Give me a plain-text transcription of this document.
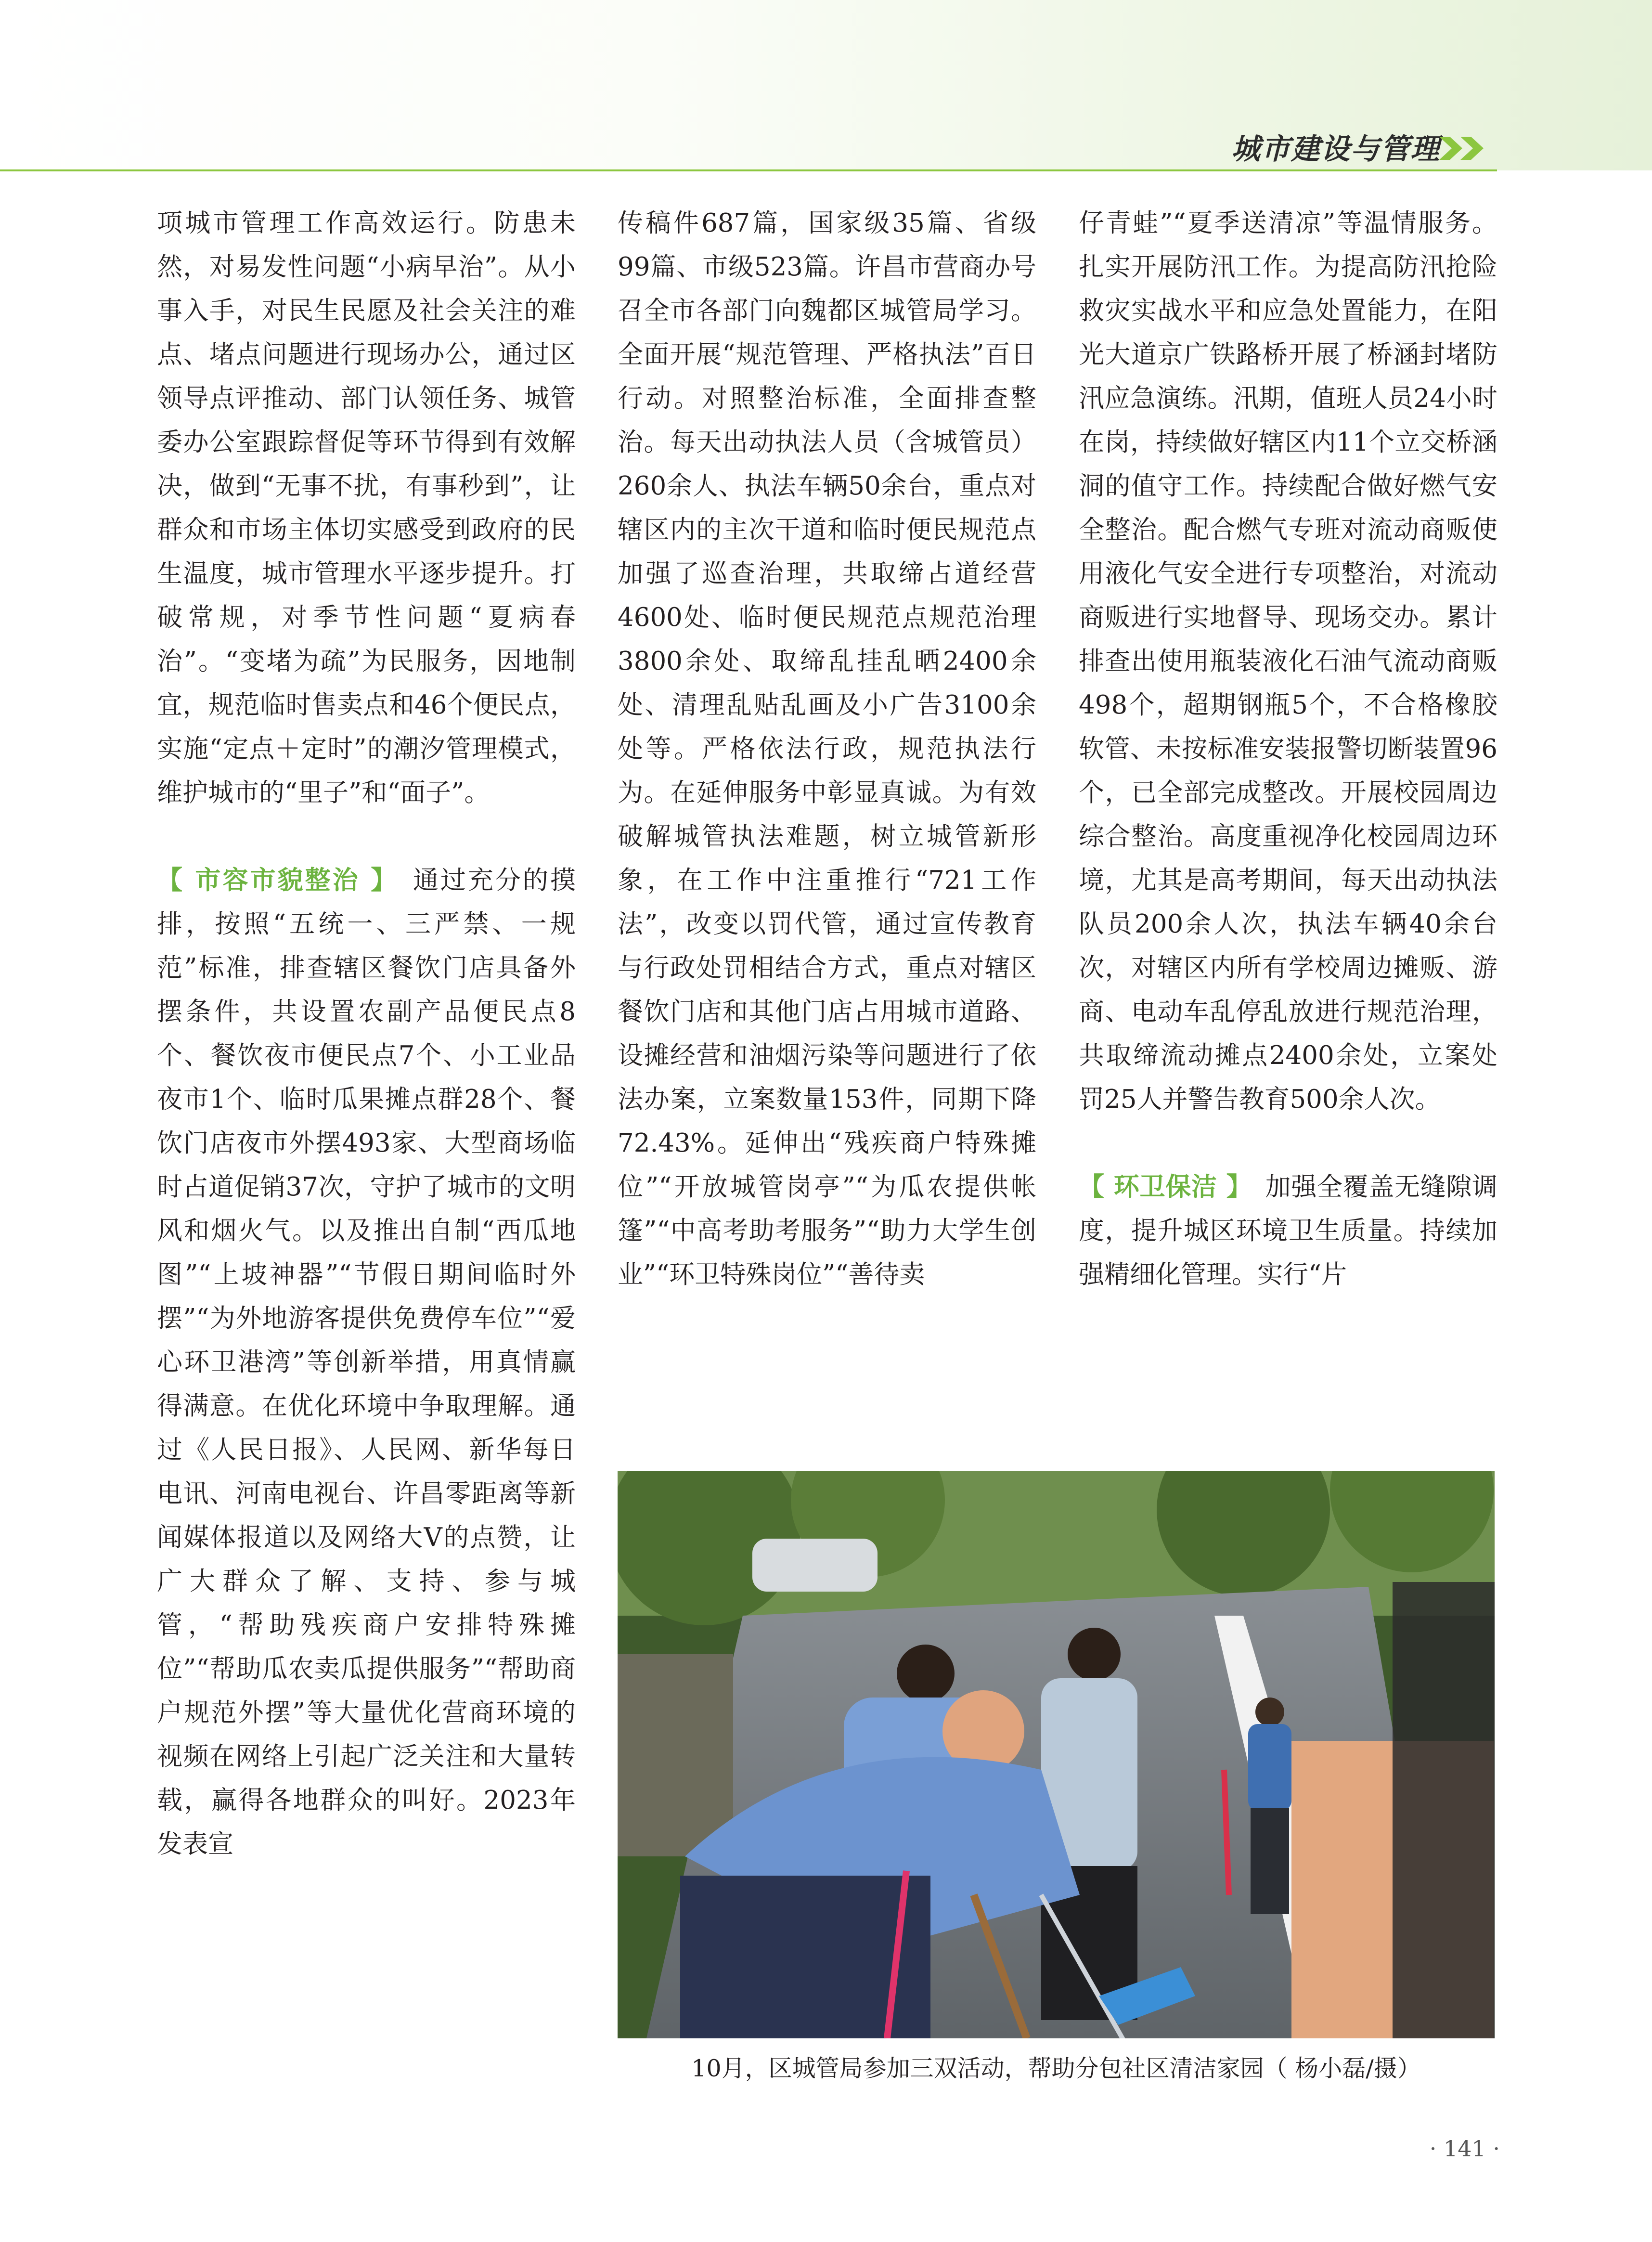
城市建设与管理

项城市管理工作高效运行。防患未然，对易发性问题“小病早治”。从小事入手，对民生民愿及社会关注的难点、堵点问题进行现场办公，通过区领导点评推动、部门认领任务、城管委办公室跟踪督促等环节得到有效解决，做到“无事不扰，有事秒到”，让群众和市场主体切实感受到政府的民生温度，城市管理水平逐步提升。打破常规，对季节性问题“夏病春治”。“变堵为疏”为民服务，因地制宜，规范临时售卖点和46个便民点，实施“定点＋定时”的潮汐管理模式，维护城市的“里子”和“面子”。

【 市容市貌整治 】　 通过充分的摸排，按照“五统一、三严禁、一规范”标准，排查辖区餐饮门店具备外摆条件，共设置农副产品便民点8个、餐饮夜市便民点7个、小工业品夜市1个、临时瓜果摊点群28个、餐饮门店夜市外摆493家、大型商场临时占道促销37次，守护了城市的文明风和烟火气。以及推出自制“西瓜地图”“上坡神器”“节假日期间临时外摆”“为外地游客提供免费停车位”“爱心环卫港湾”等创新举措，用真情赢得满意。在优化环境中争取理解。通过《人民日报》、人民网、新华每日电讯、河南电视台、许昌零距离等新闻媒体报道以及网络大V的点赞，让广大群众了解、支持、参与城管，“帮助残疾商户安排特殊摊位”“帮助瓜农卖瓜提供服务”“帮助商户规范外摆”等大量优化营商环境的视频在网络上引起广泛关注和大量转载，赢得各地群众的叫好。2023年发表宣

传稿件687篇，国家级35篇、省级99篇、市级523篇。许昌市营商办号召全市各部门向魏都区城管局学习。全面开展“规范管理、严格执法”百日行动。对照整治标准，全面排查整治。每天出动执法人员（含城管员）260余人、执法车辆50余台，重点对辖区内的主次干道和临时便民规范点加强了巡查治理，共取缔占道经营4600处、临时便民规范点规范治理3800余处、取缔乱挂乱晒2400余处、清理乱贴乱画及小广告3100余处等。严格依法行政，规范执法行为。在延伸服务中彰显真诚。为有效破解城管执法难题，树立城管新形象，在工作中注重推行“721工作法”，改变以罚代管，通过宣传教育与行政处罚相结合方式，重点对辖区餐饮门店和其他门店占用城市道路、设摊经营和油烟污染等问题进行了依法办案，立案数量153件，同期下降72.43%。延伸出“残疾商户特殊摊位”“开放城管岗亭”“为瓜农提供帐篷”“中高考助考服务”“助力大学生创业”“环卫特殊岗位”“善待卖

仔青蛙”“夏季送清凉”等温情服务。扎实开展防汛工作。为提高防汛抢险救灾实战水平和应急处置能力，在阳光大道京广铁路桥开展了桥涵封堵防汛应急演练。汛期，值班人员24小时在岗，持续做好辖区内11个立交桥涵洞的值守工作。持续配合做好燃气安全整治。配合燃气专班对流动商贩使用液化气安全进行专项整治，对流动商贩进行实地督导、现场交办。累计排查出使用瓶装液化石油气流动商贩498个，超期钢瓶5个，不合格橡胶软管、未按标准安装报警切断装置96个，已全部完成整改。开展校园周边综合整治。高度重视净化校园周边环境，尤其是高考期间，每天出动执法队员200余人次，执法车辆40余台次，对辖区内所有学校周边摊贩、游商、电动车乱停乱放进行规范治理，共取缔流动摊点2400余处，立案处罚25人并警告教育500余人次。

【 环卫保洁 】　 加强全覆盖无缝隙调度，提升城区环境卫生质量。持续加强精细化管理。实行“片

10月，区城管局参加三双活动，帮助分包社区清洁家园（ 杨小磊/摄）
· 141 ·
